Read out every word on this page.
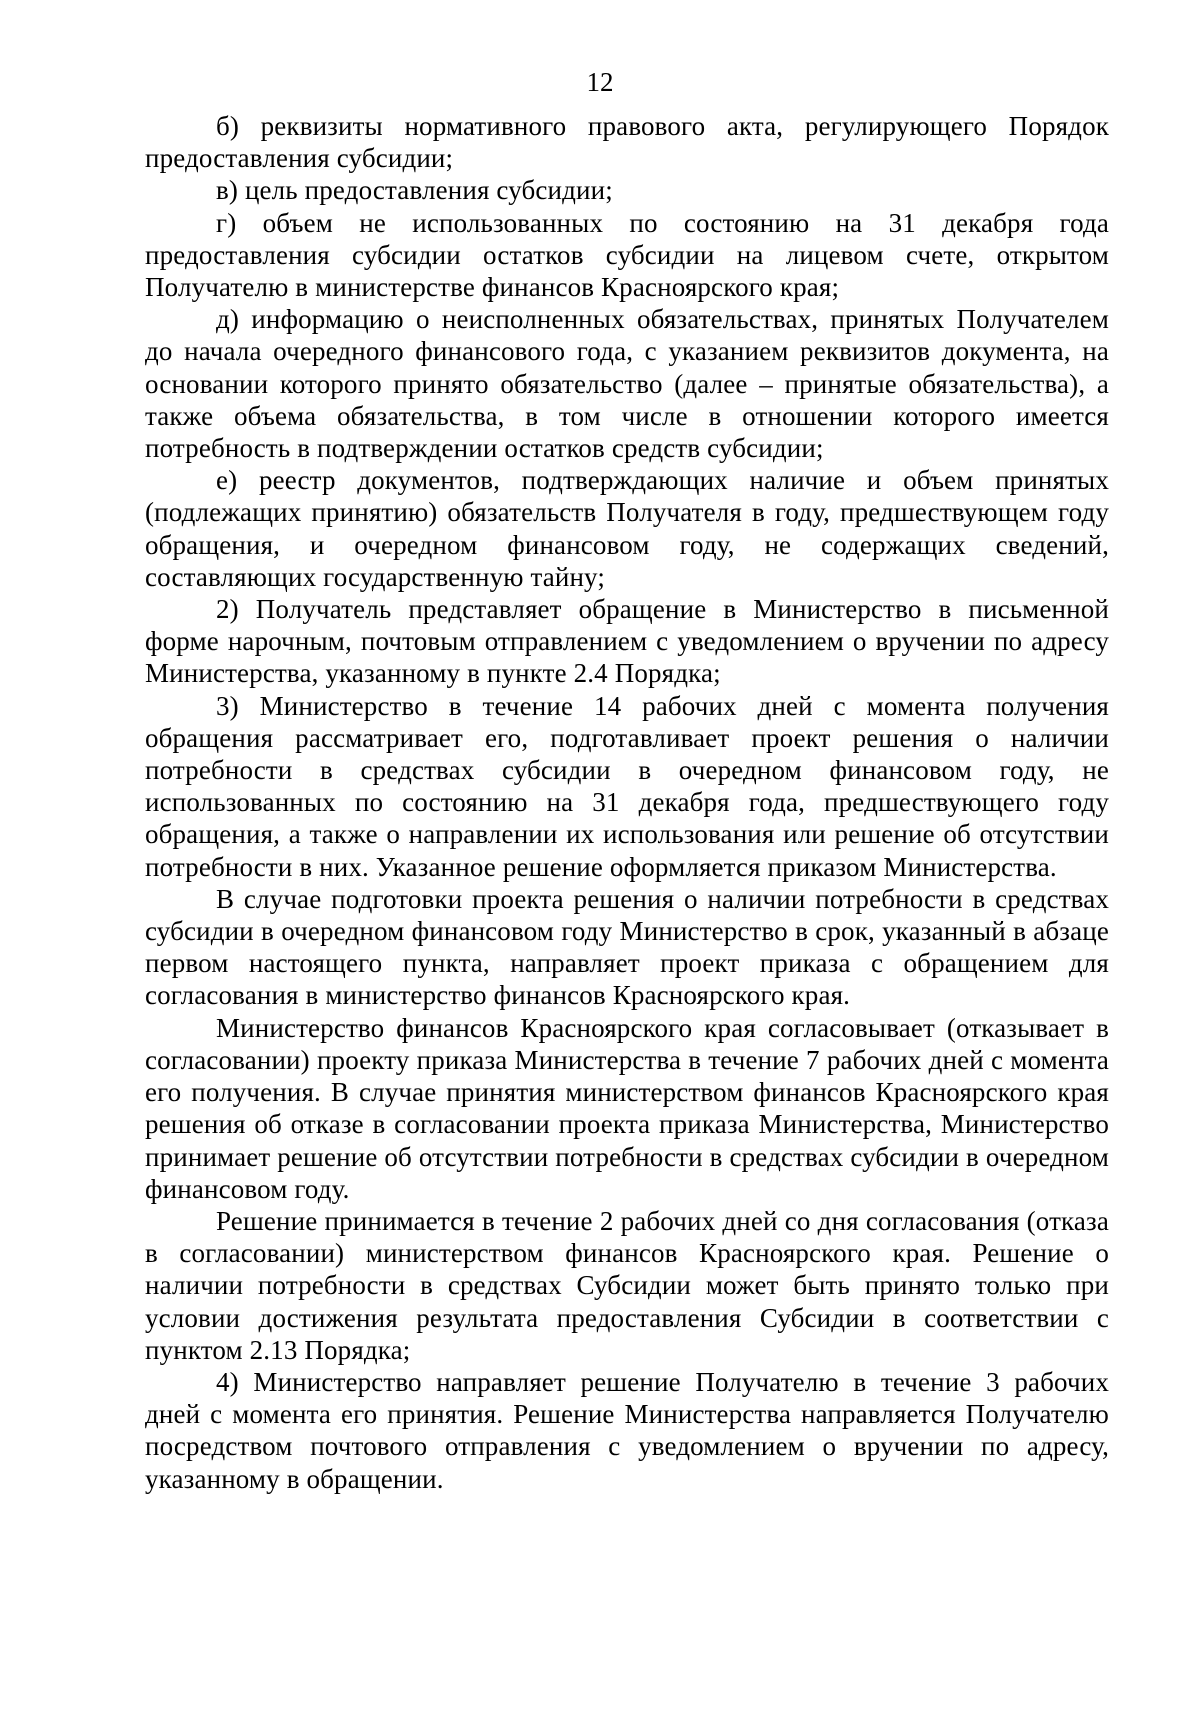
12

б) реквизиты нормативного правового акта, регулирующего Порядок предоставления субсидии;

в) цель предоставления субсидии;

г) объем не использованных по состоянию на 31 декабря года предоставления субсидии остатков субсидии на лицевом счете, открытом Получателю в министерстве финансов Красноярского края;

д) информацию о неисполненных обязательствах, принятых Получателем до начала очередного финансового года, с указанием реквизитов документа, на основании которого принято обязательство (далее – принятые обязательства), а также объема обязательства, в том числе в отношении которого имеется потребность в подтверждении остатков средств субсидии;

е) реестр документов, подтверждающих наличие и объем принятых (подлежащих принятию) обязательств Получателя в году, предшествующем году обращения, и очередном финансовом году, не содержащих сведений, составляющих государственную тайну;

2) Получатель представляет обращение в Министерство в письменной форме нарочным, почтовым отправлением с уведомлением о вручении по адресу Министерства, указанному в пункте 2.4 Порядка;

3) Министерство в течение 14 рабочих дней с момента получения обращения рассматривает его, подготавливает проект решения о наличии потребности в средствах субсидии в очередном финансовом году, не использованных по состоянию на 31 декабря года, предшествующего году обращения, а также о направлении их использования или решение об отсутствии потребности в них. Указанное решение оформляется приказом Министерства.

В случае подготовки проекта решения о наличии потребности в средствах субсидии в очередном финансовом году Министерство в срок, указанный в абзаце первом настоящего пункта, направляет проект приказа с обращением для согласования в министерство финансов Красноярского края.

Министерство финансов Красноярского края согласовывает (отказывает в согласовании) проекту приказа Министерства в течение 7 рабочих дней с момента его получения. В случае принятия министерством финансов Красноярского края решения об отказе в согласовании проекта приказа Министерства, Министерство принимает решение об отсутствии потребности в средствах субсидии в очередном финансовом году.

Решение принимается в течение 2 рабочих дней со дня согласования (отказа в согласовании) министерством финансов Красноярского края. Решение о наличии потребности в средствах Субсидии может быть принято только при условии достижения результата предоставления Субсидии в соответствии с пунктом 2.13 Порядка;

4) Министерство направляет решение Получателю в течение 3 рабочих дней с момента его принятия. Решение Министерства направляется Получателю посредством почтового отправления с уведомлением о вручении по адресу, указанному в обращении.
